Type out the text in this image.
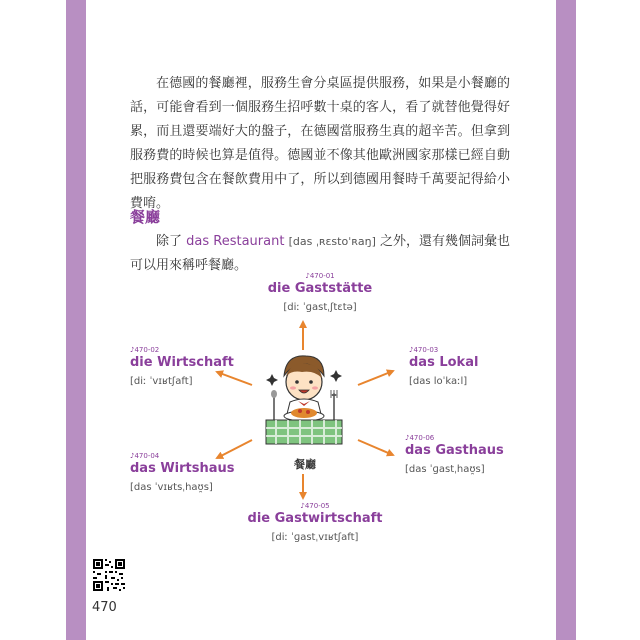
在德國的餐廳裡，服務生會分桌區提供服務，如果是小餐廳的話，可能會看到一個服務生招呼數十桌的客人，看了就替他覺得好累，而且還要端好大的盤子，在德國當服務生真的超辛苦。但拿到服務費的時候也算是值得。德國並不像其他歐洲國家那樣已經自動把服務費包含在餐飲費用中了，所以到德國用餐時千萬要記得給小費唷。

餐廳

除了 das Restaurant [das ˌʀɛstoˈʀaŋ] 之外，還有幾個詞彙也可以用來稱呼餐廳。

餐廳
♪470-01
die Gaststätte
[diː ˈɡastˌʃtɛtə]
♪470-02
die Wirtschaft
[diː ˈvɪʁtʃaft]
♪470-03
das Lokal
[das loˈkaːl]
♪470-04
das Wirtshaus
[das ˈvɪʁtsˌhaʊ̯s]
♪470-05
die Gastwirtschaft
[diː ˈɡastˌvɪʁtʃaft]
♪470-06
das Gasthaus
[das ˈɡastˌhaʊ̯s]
470
